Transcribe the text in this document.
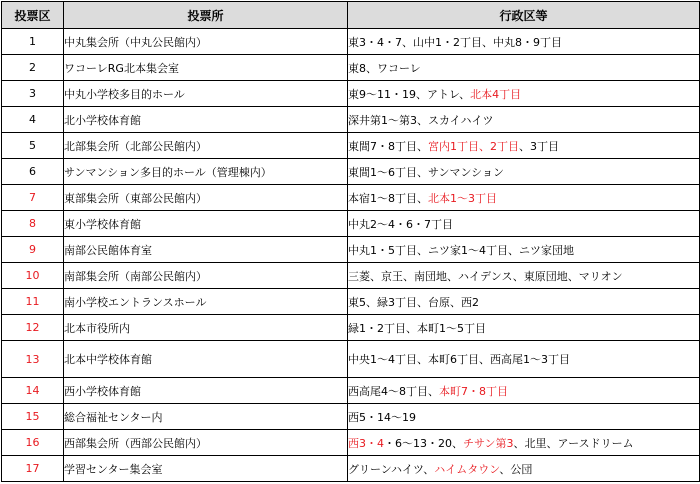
投票区	投票所	行政区等
1	中丸集会所（中丸公民館内）	東3・4・7、山中1・2丁目、中丸8・9丁目
2	ワコーレRG北本集会室	東8、ワコーレ
3	中丸小学校多目的ホール	東9～11・19、アトレ、北本4丁目
4	北小学校体育館	深井第1～第3、スカイハイツ
5	北部集会所（北部公民館内）	東間7・8丁目、宮内1丁目、2丁目、3丁目
6	サンマンション多目的ホール（管理棟内）	東間1～6丁目、サンマンション
7	東部集会所（東部公民館内）	本宿1～8丁目、北本1～3丁目
8	東小学校体育館	中丸2～4・6・7丁目
9	南部公民館体育室	中丸1・5丁目、ニツ家1～4丁目、ニツ家団地
10	南部集会所（南部公民館内）	三菱、京王、南団地、ハイデンス、東原団地、マリオン
11	南小学校エントランスホール	東5、緑3丁目、台原、西2
12	北本市役所内	緑1・2丁目、本町1～5丁目
13	北本中学校体育館	中央1～4丁目、本町6丁目、西高尾1～3丁目
14	西小学校体育館	西高尾4～8丁目、本町7・8丁目
15	総合福祉センター内	西5・14～19
16	西部集会所（西部公民館内）	西3・4・6～13・20、チサン第3、北里、アースドリーム
17	学習センター集会室	グリーンハイツ、ハイムタウン、公団
